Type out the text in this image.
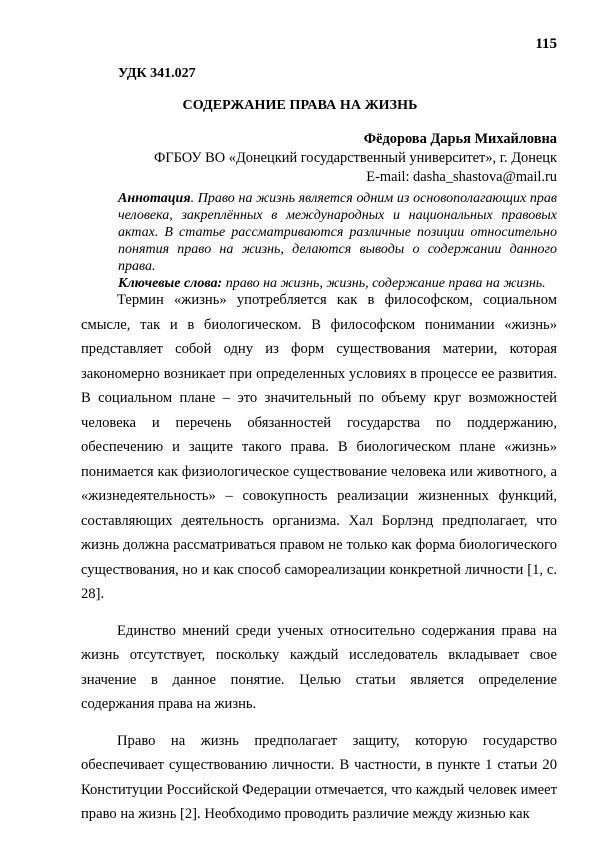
115
УДК 341.027
СОДЕРЖАНИЕ ПРАВА НА ЖИЗНЬ
Фёдорова Дарья Михайловна
ФГБОУ ВО «Донецкий государственный университет», г. Донецк
E-mail: dasha_shastova@mail.ru

Аннотация. Право на жизнь является одним из основополагающих прав человека, закреплённых в международных и национальных правовых актах. В статье рассматриваются различные позиции относительно понятия право на жизнь, делаются выводы о содержании данного права.

Ключевые слова: право на жизнь, жизнь, содержание права на жизнь.

Термин «жизнь» употребляется как в философском, социальном смысле, так и в биологическом. В философском понимании «жизнь» представляет собой одну из форм существования материи, которая закономерно возникает при определенных условиях в процессе ее развития. В социальном плане – это значительный по объему круг возможностей человека и перечень обязанностей государства по поддержанию, обеспечению и защите такого права. В биологическом плане «жизнь» понимается как физиологическое существование человека или животного, а «жизнедеятельность» – совокупность реализации жизненных функций, составляющих деятельность организма. Хал Борлэнд предполагает, что жизнь должна рассматриваться правом не только как форма биологического существования, но и как способ самореализации конкретной личности [1, с. 28].

Единство мнений среди ученых относительно содержания права на жизнь отсутствует, поскольку каждый исследователь вкладывает свое значение в данное понятие. Целью статьи является определение содержания права на жизнь.

Право на жизнь предполагает защиту, которую государство обеспечивает существованию личности. В частности, в пункте 1 статьи 20 Конституции Российской Федерации отмечается, что каждый человек имеет право на жизнь [2]. Необходимо проводить различие между жизнью как
